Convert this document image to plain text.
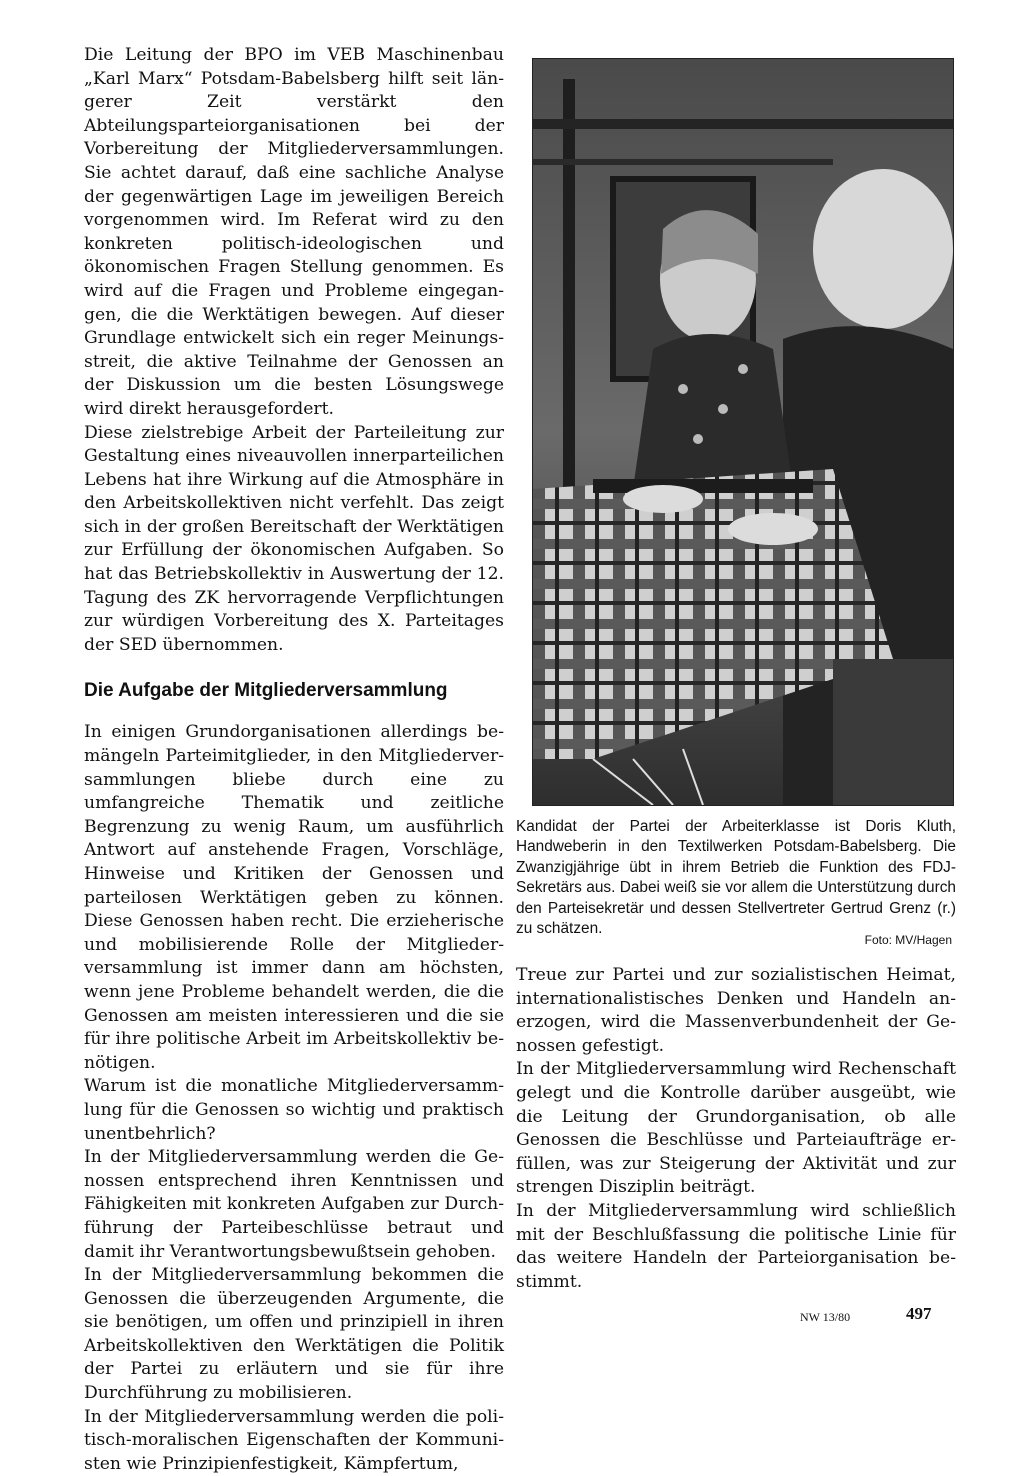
Die Leitung der BPO im VEB Maschinenbau „Karl Marx“ Potsdam-Babelsberg hilft seit längerer Zeit verstärkt den Abteilungsparteiorganisationen bei der Vorbereitung der Mitgliederversammlungen. Sie achtet darauf, daß eine sachliche Analyse der gegenwärtigen Lage im jeweiligen Bereich vorgenommen wird. Im Referat wird zu den konkreten politisch-ideologischen und ökonomischen Fragen Stellung genommen. Es wird auf die Fragen und Probleme eingegangen, die die Werktätigen bewegen. Auf dieser Grundlage entwickelt sich ein reger Meinungsstreit, die aktive Teilnahme der Genossen an der Diskussion um die besten Lösungswege wird direkt herausgefordert.

Diese zielstrebige Arbeit der Parteileitung zur Gestaltung eines niveauvollen innerparteilichen Lebens hat ihre Wirkung auf die Atmosphäre in den Arbeitskollektiven nicht verfehlt. Das zeigt sich in der großen Bereitschaft der Werktätigen zur Erfüllung der ökonomischen Aufgaben. So hat das Betriebskollektiv in Auswertung der 12. Tagung des ZK hervorragende Verpflichtungen zur würdigen Vorbereitung des X. Parteitages der SED übernommen.

Die Aufgabe der Mitgliederversammlung

In einigen Grundorganisationen allerdings bemängeln Parteimitglieder, in den Mitgliederversammlungen bliebe durch eine zu umfangreiche Thematik und zeitliche Begrenzung zu wenig Raum, um ausführlich Antwort auf anstehende Fragen, Vorschläge, Hinweise und Kritiken der Genossen und parteilosen Werktätigen geben zu können. Diese Genossen haben recht. Die erzieherische und mobilisierende Rolle der Mitgliederversammlung ist immer dann am höchsten, wenn jene Probleme behandelt werden, die die Genossen am meisten interessieren und die sie für ihre politische Arbeit im Arbeitskollektiv benötigen.

Warum ist die monatliche Mitgliederversammlung für die Genossen so wichtig und praktisch unentbehrlich?

In der Mitgliederversammlung werden die Genossen entsprechend ihren Kenntnissen und Fähigkeiten mit konkreten Aufgaben zur Durchführung der Parteibeschlüsse betraut und damit ihr Verantwortungsbewußtsein gehoben.

In der Mitgliederversammlung bekommen die Genossen die überzeugenden Argumente, die sie benötigen, um offen und prinzipiell in ihren Arbeitskollektiven den Werktätigen die Politik der Partei zu erläutern und sie für ihre Durchführung zu mobilisieren.

In der Mitgliederversammlung werden die politisch-moralischen Eigenschaften der Kommunisten wie Prinzipienfestigkeit, Kämpfertum,

Kandidat der Partei der Arbeiterklasse ist Doris Kluth, Handweberin in den Textilwerken Potsdam-Babelsberg. Die Zwanzigjährige übt in ihrem Betrieb die Funktion des FDJ-Sekretärs aus. Dabei weiß sie vor allem die Unterstützung durch den Parteisekretär und dessen Stellvertreter Gertrud Grenz (r.) zu schätzen.

Foto: MV/Hagen

Treue zur Partei und zur sozialistischen Heimat, internationalistisches Denken und Handeln anerzogen, wird die Massenverbundenheit der Genossen gefestigt.

In der Mitgliederversammlung wird Rechenschaft gelegt und die Kontrolle darüber ausgeübt, wie die Leitung der Grundorganisation, ob alle Genossen die Beschlüsse und Parteiaufträge erfüllen, was zur Steigerung der Aktivität und zur strengen Disziplin beiträgt.

In der Mitgliederversammlung wird schließlich mit der Beschlußfassung die politische Linie für das weitere Handeln der Parteiorganisation bestimmt.

NW 13/80	497
